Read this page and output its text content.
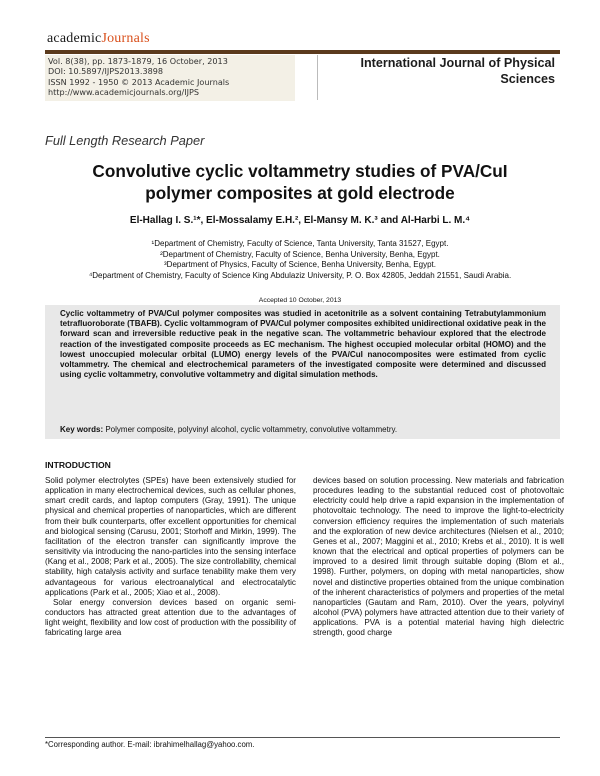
academicJournals
Vol. 8(38), pp. 1873-1879, 16 October, 2013
DOI: 10.5897/IJPS2013.3898
ISSN 1992 - 1950 © 2013 Academic Journals
http://www.academicjournals.org/IJPS
International Journal of Physical
Sciences
Full Length Research Paper
Convolutive cyclic voltammetry studies of PVA/CuI
polymer composites at gold electrode
El-Hallag I. S.¹*, El-Mossalamy E.H.², El-Mansy M. K.³ and Al-Harbi L. M.⁴
¹Department of Chemistry, Faculty of Science, Tanta University, Tanta 31527, Egypt.
²Department of Chemistry, Faculty of Science, Benha University, Benha, Egypt.
³Department of Physics, Faculty of Science, Benha University, Benha, Egypt.
⁴Department of Chemistry, Faculty of Science King Abdulaziz University, P. O. Box 42805, Jeddah 21551, Saudi Arabia.
Accepted 10 October, 2013
Cyclic voltammetry of PVA/CuI polymer composites was studied in acetonitrile as a solvent containing Tetrabutylammonium tetrafluoroborate (TBAFB). Cyclic voltammogram of PVA/CuI polymer composites exhibited unidirectional oxidative peak in the forward scan and irreversible reductive peak in the negative scan. The voltammetric behaviour explored that the electrode reaction of the investigated composite proceeds as EC mechanism. The highest occupied molecular orbital (HOMO) and the lowest unoccupied molecular orbital (LUMO) energy levels of the PVA/CuI nanocomposites were estimated from cyclic voltammetry. The chemical and electrochemical parameters of the investigated composite were determined and discussed using cyclic voltammetry, convolutive voltammetry and digital simulation methods.
Key words: Polymer composite, polyvinyl alcohol, cyclic voltammetry, convolutive voltammetry.
INTRODUCTION

Solid polymer electrolytes (SPEs) have been extensively studied for application in many electrochemical devices, such as cellular phones, smart credit cards, and laptop computers (Gray, 1991). The unique physical and chemical properties of nanoparticles, which are different from their bulk counterparts, offer excellent opportunities for chemical and biological sensing (Carusu, 2001; Storhoff and Mirkin, 1999). The facilitation of the electron transfer can significantly improve the sensitivity via introducing the nano-particles into the sensing interface (Kang et al., 2008; Park et al., 2005). The size controllability, chemical stability, high catalysis activity and surface tenability make them very advantageous for various electroanalytical and electrocatalytic applications (Park et al., 2005; Xiao et al., 2008).

Solar energy conversion devices based on organic semi-conductors has attracted great attention due to the advantages of light weight, flexibility and low cost of production with the possibility of fabricating large area

devices based on solution processing. New materials and fabrication procedures leading to the substantial reduced cost of photovoltaic electricity could help drive a rapid expansion in the implementation of photovoltaic technology. The need to improve the light-to-electricity conversion efficiency requires the implementation of such materials and the exploration of new device architectures (Nielsen et al., 2010; Genes et al., 2007; Maggini et al., 2010; Krebs et al., 2010). It is well known that the electrical and optical properties of polymers can be improved to a desired limit through suitable doping (Blom et al., 1998). Further, polymers, on doping with metal nanoparticles, show novel and distinctive properties obtained from the unique combination of the inherent characteristics of polymers and properties of the metal nanoparticles (Gautam and Ram, 2010). Over the years, polyvinyl alcohol (PVA) polymers have attracted attention due to their variety of applications. PVA is a potential material having high dielectric strength, good charge

*Corresponding author. E-mail: ibrahimelhallag@yahoo.com.
